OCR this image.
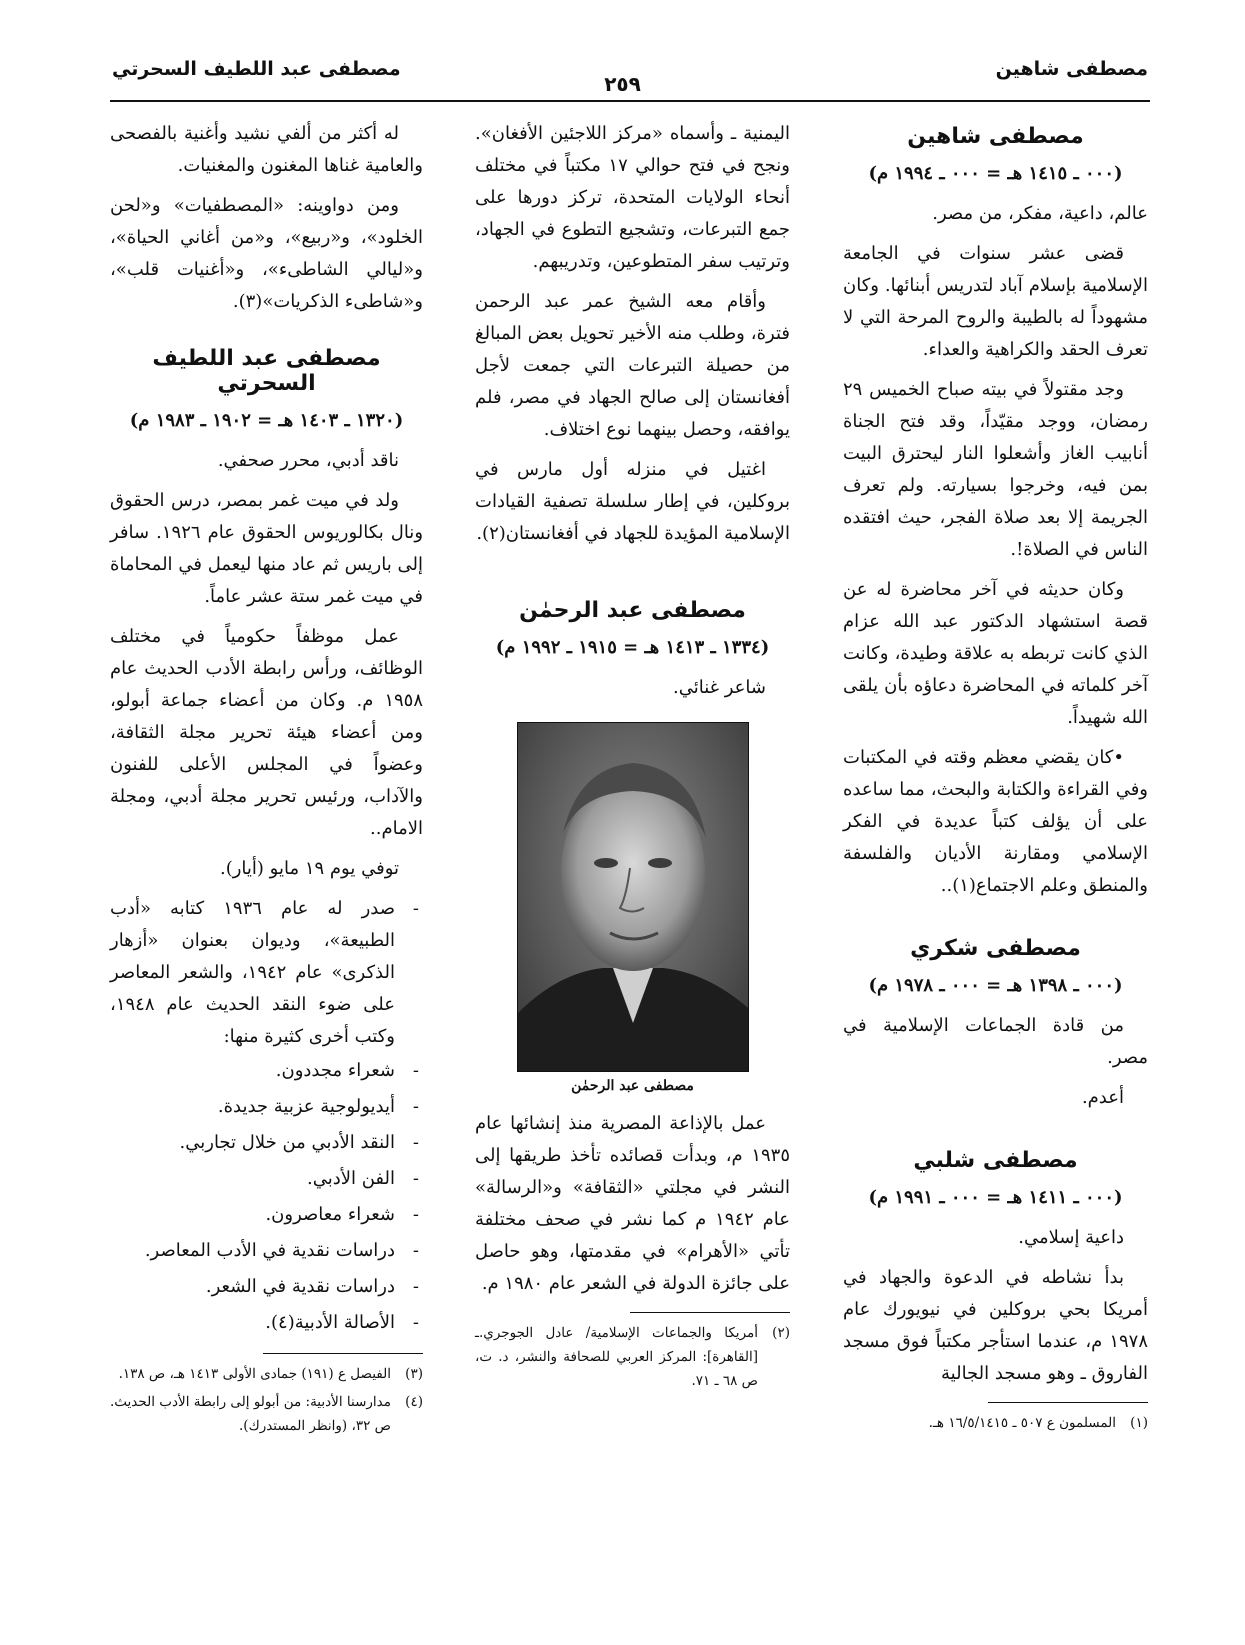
مصطفى شاهين
٢٥٩
مصطفى عبد اللطيف السحرتي
مصطفى شاهين
(٠٠٠ ـ ١٤١٥ هـ = ٠٠٠ ـ ١٩٩٤ م)

عالم، داعية، مفكر، من مصر.

قضى عشر سنوات في الجامعة الإسلامية بإسلام آباد لتدريس أبنائها. وكان مشهوداً له بالطيبة والروح المرحة التي لا تعرف الحقد والكراهية والعداء.

وجد مقتولاً في بيته صباح الخميس ٢٩ رمضان، ووجد مقيّداً، وقد فتح الجناة أنابيب الغاز وأشعلوا النار ليحترق البيت بمن فيه، وخرجوا بسيارته. ولم تعرف الجريمة إلا بعد صلاة الفجر، حيث افتقده الناس في الصلاة!.

وكان حديثه في آخر محاضرة له عن قصة استشهاد الدكتور عبد الله عزام الذي كانت تربطه به علاقة وطيدة، وكانت آخر كلماته في المحاضرة دعاؤه بأن يلقى الله شهيداً.

•كان يقضي معظم وقته في المكتبات وفي القراءة والكتابة والبحث، مما ساعده على أن يؤلف كتباً عديدة في الفكر الإسلامي ومقارنة الأديان والفلسفة والمنطق وعلم الاجتماع(١)..

مصطفى شكري
(٠٠٠ ـ ١٣٩٨ هـ = ٠٠٠ ـ ١٩٧٨ م)

من قادة الجماعات الإسلامية في مصر.

أعدم.

مصطفى شلبي
(٠٠٠ ـ ١٤١١ هـ = ٠٠٠ ـ ١٩٩١ م)

داعية إسلامي.

بدأ نشاطه في الدعوة والجهاد في أمريكا بحي بروكلين في نيويورك عام ١٩٧٨ م، عندما استأجر مكتباً فوق مسجد الفاروق ـ وهو مسجد الجالية

(١)
المسلمون ع ٥٠٧ ـ ١٦/٥/١٤١٥ هـ.

اليمنية ـ وأسماه «مركز اللاجئين الأفغان». ونجح في فتح حوالي ١٧ مكتباً في مختلف أنحاء الولايات المتحدة، تركز دورها على جمع التبرعات، وتشجيع التطوع في الجهاد، وترتيب سفر المتطوعين، وتدريبهم.

وأقام معه الشيخ عمر عبد الرحمن فترة، وطلب منه الأخير تحويل بعض المبالغ من حصيلة التبرعات التي جمعت لأجل أفغانستان إلى صالح الجهاد في مصر، فلم يوافقه، وحصل بينهما نوع اختلاف.

اغتيل في منزله أول مارس في بروكلين، في إطار سلسلة تصفية القيادات الإسلامية المؤيدة للجهاد في أفغانستان(٢).

مصطفى عبد الرحمٰن
(١٣٣٤ ـ ١٤١٣ هـ = ١٩١٥ ـ ١٩٩٢ م)

شاعر غنائي.

مصطفى عبد الرحمٰن

عمل بالإذاعة المصرية منذ إنشائها عام ١٩٣٥ م، وبدأت قصائده تأخذ طريقها إلى النشر في مجلتي «الثقافة» و«الرسالة» عام ١٩٤٢ م كما نشر في صحف مختلفة تأتي «الأهرام» في مقدمتها، وهو حاصل على جائزة الدولة في الشعر عام ١٩٨٠ م.

(٢)
أمريكا والجماعات الإسلامية/ عادل الجوجري.ـ [القاهرة]: المركز العربي للصحافة والنشر، د. ت، ص ٦٨ ـ ٧١.

له أكثر من ألفي نشيد وأغنية بالفصحى والعامية غناها المغنون والمغنيات.

ومن دواوينه: «المصطفيات» و«لحن الخلود»، و«ربيع»، و«من أغاني الحياة»، و«ليالي الشاطىء»، و«أغنيات قلب»، و«شاطىء الذكريات»(٣).

مصطفى عبد اللطيف السحرتي
(١٣٢٠ ـ ١٤٠٣ هـ = ١٩٠٢ ـ ١٩٨٣ م)

ناقد أدبي، محرر صحفي.

ولد في ميت غمر بمصر، درس الحقوق ونال بكالوريوس الحقوق عام ١٩٢٦. سافر إلى باريس ثم عاد منها ليعمل في المحاماة في ميت غمر ستة عشر عاماً.

عمل موظفاً حكومياً في مختلف الوظائف، ورأس رابطة الأدب الحديث عام ١٩٥٨ م. وكان من أعضاء جماعة أبولو، ومن أعضاء هيئة تحرير مجلة الثقافة، وعضواً في المجلس الأعلى للفنون والآداب، ورئيس تحرير مجلة أدبي، ومجلة الامام..

توفي يوم ١٩ مايو (أيار).

- صدر له عام ١٩٣٦ كتابه «أدب الطبيعة»، وديوان بعنوان «أزهار الذكرى» عام ١٩٤٢، والشعر المعاصر على ضوء النقد الحديث عام ١٩٤٨، وكتب أخرى كثيرة منها:
- شعراء مجددون.
- أيديولوجية عزبية جديدة.
- النقد الأدبي من خلال تجاربي.
- الفن الأدبي.
- شعراء معاصرون.
- دراسات نقدية في الأدب المعاصر.
- دراسات نقدية في الشعر.
- الأصالة الأدبية(٤).
(٣)
الفيصل ع (١٩١) جمادى الأولى ١٤١٣ هـ، ص ١٣٨.
(٤)
مدارسنا الأدبية: من أبولو إلى رابطة الأدب الحديث. ص ٣٢، (وانظر المستدرك).
